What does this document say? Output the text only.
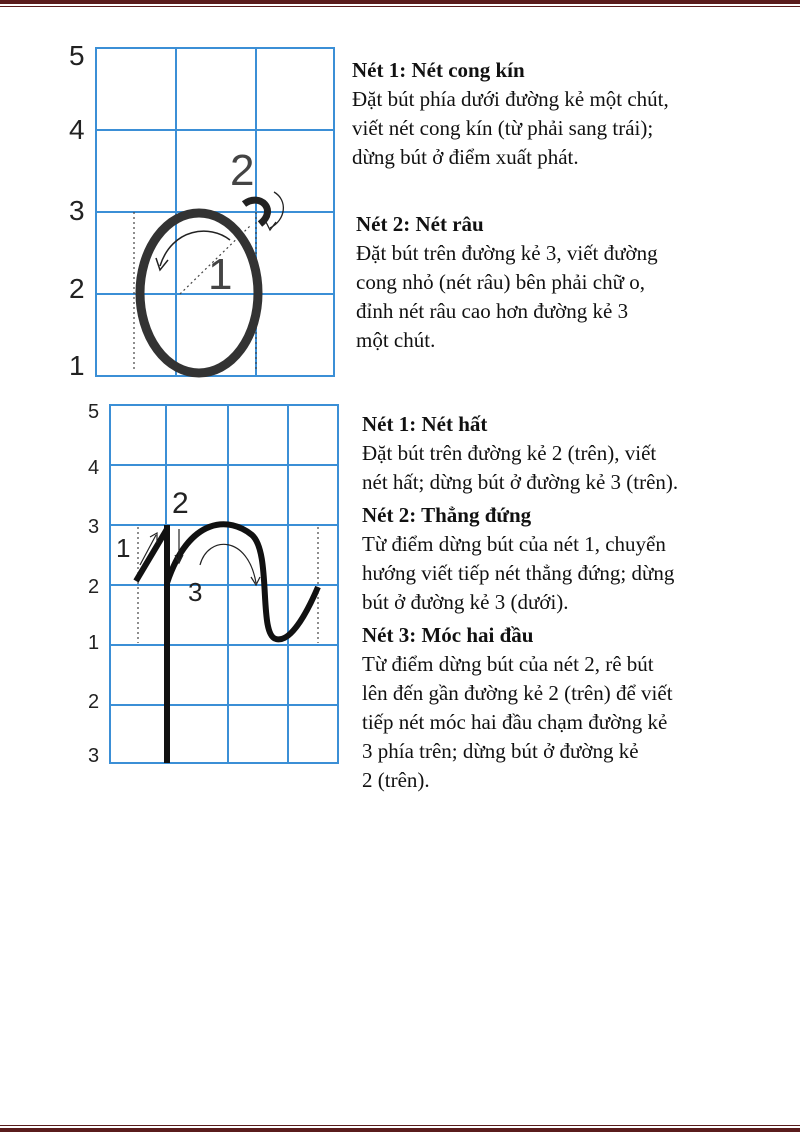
5
4
3
2
1
1
2

Nét 1: Nét cong kín

Đặt bút phía dưới đường kẻ một chút,

viết nét cong kín (từ phải sang trái);

dừng bút ở điểm xuất phát.

Nét 2: Nét râu

Đặt bút trên đường kẻ 3, viết đường

cong nhỏ (nét râu) bên phải chữ o,

đỉnh nét râu cao hơn đường kẻ 3

một chút.

5
4
3
2
1
2
3
1
2
3

Nét 1: Nét hất

Đặt bút trên đường kẻ 2 (trên), viết

nét hất; dừng bút ở đường kẻ 3 (trên).

Nét 2: Thẳng đứng

Từ điểm dừng bút của nét 1, chuyển

hướng viết tiếp nét thẳng đứng; dừng

bút ở đường kẻ 3 (dưới).

Nét 3: Móc hai đầu

Từ điểm dừng bút của nét 2, rê bút

lên đến gần đường kẻ 2 (trên) để viết

tiếp nét móc hai đầu chạm đường kẻ

3 phía trên; dừng bút ở đường kẻ

2 (trên).
